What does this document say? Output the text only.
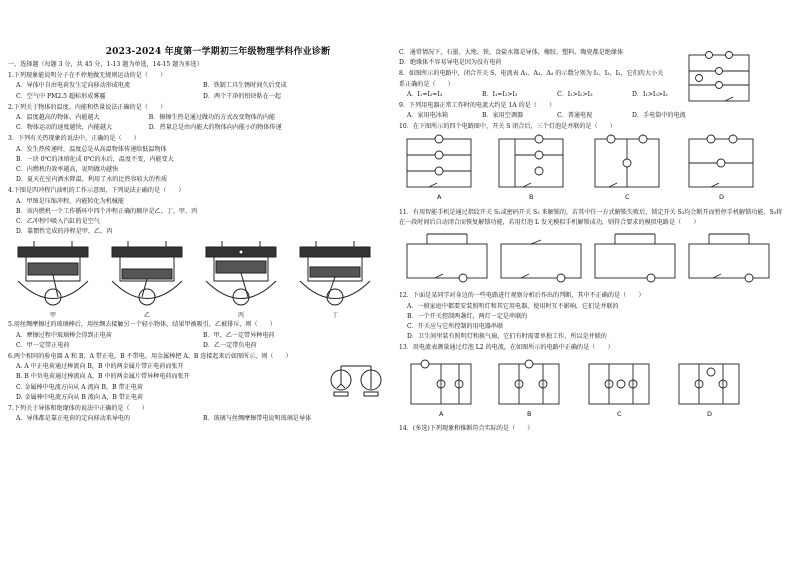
2023-2024 年度第一学期初三年级物理学科作业诊断
一、选择题（每题 3 分，共 45 分，1-13 题为单选，14-15 题为多选）
1.下列现象能说明分子在不停地做无规则运动的是（　　）
A．导体中自由电荷发生定向移动形成电流	B．铁制工具生锈时间久后变成
C．空气中 PM2.5 超标形成雾霾	D．两个干净的铅块粘在一起
2.下列关于物体的温度、内能和热量说法正确的是（　　）
A．温度越高的物体，内能越大	B．擦擦生热是通过做功的方式改变物体的内能
C．物体运动的速度越快，内能越大	D．热量总是由内能大的物体向内能小的物体传递
3．下列有关热现象的说法中，正确的是（　　）
A．发生热传递时，温度总是从高温物体传递给低温物体
B．一块 0℃的冰熔化成 0℃的水后，温度不变，内能变大
C．内燃机的效率越高，说明做功越快
D．夏天在室内洒水降温，利用了水的比热容较大的性质
4.下图是四冲程汽油机的工作示意图，下列说法正确的是（　　）
A．甲图是压缩冲程，内能转化为机械能
B．该内燃机一个工作循环中四个冲程正确的顺序是乙、丁、甲、丙
C．乙冲程中吸入汽缸的是空气
D．靠惯性完成的冲程是甲、乙、丙
甲	乙	丙	丁
5.用丝绸摩擦过的玻璃棒后，用丝绸去接触另一个轻小物体，结果甲被吸引，乙被排斥，则（　　）
A．摩擦过程中玻璃棒会得到正电荷	B．甲、乙一定带异种电荷
C．甲一定带正电荷	D．乙一定带负电荷
6.两个相同的验电器 A 和 B，A 带正电，B 不带电，用金属棒把 A、B 连接起来后如图所示，则（　　）
A. A 中正电荷通过棒流向 B，B 中的两金属片带正电荷而张开
B. B 中负电荷通过棒流向 A，B 中的两金属片带异种电荷而张开
C. 金属棒中电流方向从 A 流向 B，B 带正电荷
D. 金属棒中电流方向从 B 流向 A，B 带正电荷
7.下列关于导体和绝缘体的说法中正确的是（　　）
A．导体都是靠正电荷的定向移动来导电的	B．玻璃与丝绸摩擦带电说明玻璃是导体
C．通常情况下，石墨、大地、铁、食盐水都是导体，橡胶、塑料、陶瓷都是绝缘体
D．绝缘体不容易导电是因为没有电荷
8．如图所示的电路中，闭合开关 S，电流表 A₁、A₂、A₃ 的示数分别为 I₁、I₂、I₃，它们的大小关系正确的是（　　）
A．I₁=I₂=I₃	B．I₁=I₂>I₃	C．I₁>I₂>I₃	D．I₁>I₃>I₂
9．下列用电器正常工作时的电流大约是 1A 的是（　　）
A．家用电冰箱	B．家用空调器	C．普通电视	D．手电筒中的电流
10．在下图所示的四个电路图中，开关 S 闭合后，三个灯泡是并联的是（　　）
A	B	C	D
11．有用智能手机是通过指纹开关 S₁或密码开关 S₂ 来解锁的，若其中任一方式解锁失败后，锁定开关 S₃均会断开而暂停手机解锁功能，S₃将在一段时间后自动闭合而恢复解锁功能，若用灯泡 L 发光模拟手机解锁成功，则符合要求的模拟电路是（　　）
12．下面是某同学对身边的一些电路进行观察分析后作出的判断，其中不正确的是（　　）
A．一般家庭中都要安装照明灯和其它用电器，使用时互不影响，它们是并联的
B．一个开关控制两盏灯，两灯一定是串联的
C．开关应与它所控制的用电器串联
D．卫生间里装有照明灯和换气扇，它们有时需要单独工作，所以是并联的
13．用电流表测量通过灯泡 L2 的电流，在如图所示的电路中正确的是（　　）
A	B	C	D
14．(多选)下列现象和推断符合实际的是（　　）
